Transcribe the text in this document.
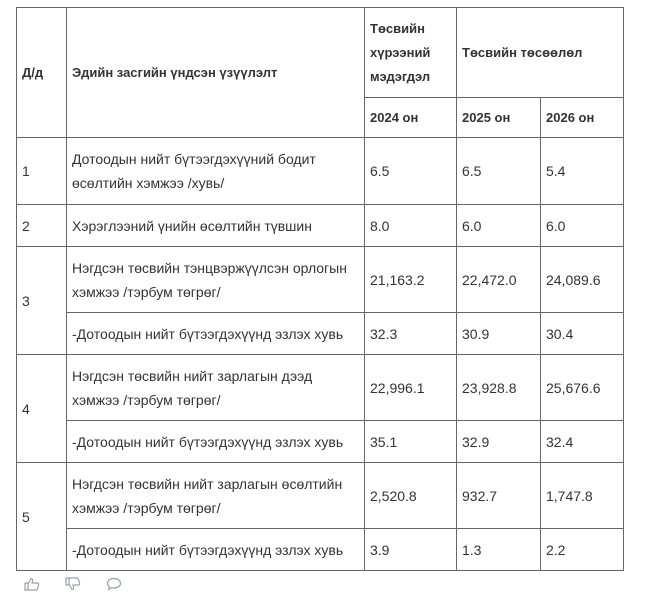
Д/д	Эдийн засгийн үндсэн үзүүлэлт	Төсвийн хүрээний мэдэгдэл	Төсвийн төсөөлөл	
		2024 он	2025 он	2026 он
1	Дотоодын нийт бүтээгдэхүүний бодит өсөлтийн хэмжээ /хувь/	6.5	6.5	5.4
2	Хэрэглээний үнийн өсөлтийн түвшин	8.0	6.0	6.0
3	Нэгдсэн төсвийн тэнцвэржүүлсэн орлогын хэмжээ /тэрбум төгрөг/	21,163.2	22,472.0	24,089.6
	-Дотоодын нийт бүтээгдэхүүнд эзлэх хувь	32.3	30.9	30.4
4	Нэгдсэн төсвийн нийт зарлагын дээд хэмжээ /тэрбум төгрөг/	22,996.1	23,928.8	25,676.6
	-Дотоодын нийт бүтээгдэхүүнд эзлэх хувь	35.1	32.9	32.4
5	Нэгдсэн төсвийн нийт зарлагын өсөлтийн хэмжээ /тэрбум төгрөг/	2,520.8	932.7	1,747.8
	-Дотоодын нийт бүтээгдэхүүнд эзлэх хувь	3.9	1.3	2.2
